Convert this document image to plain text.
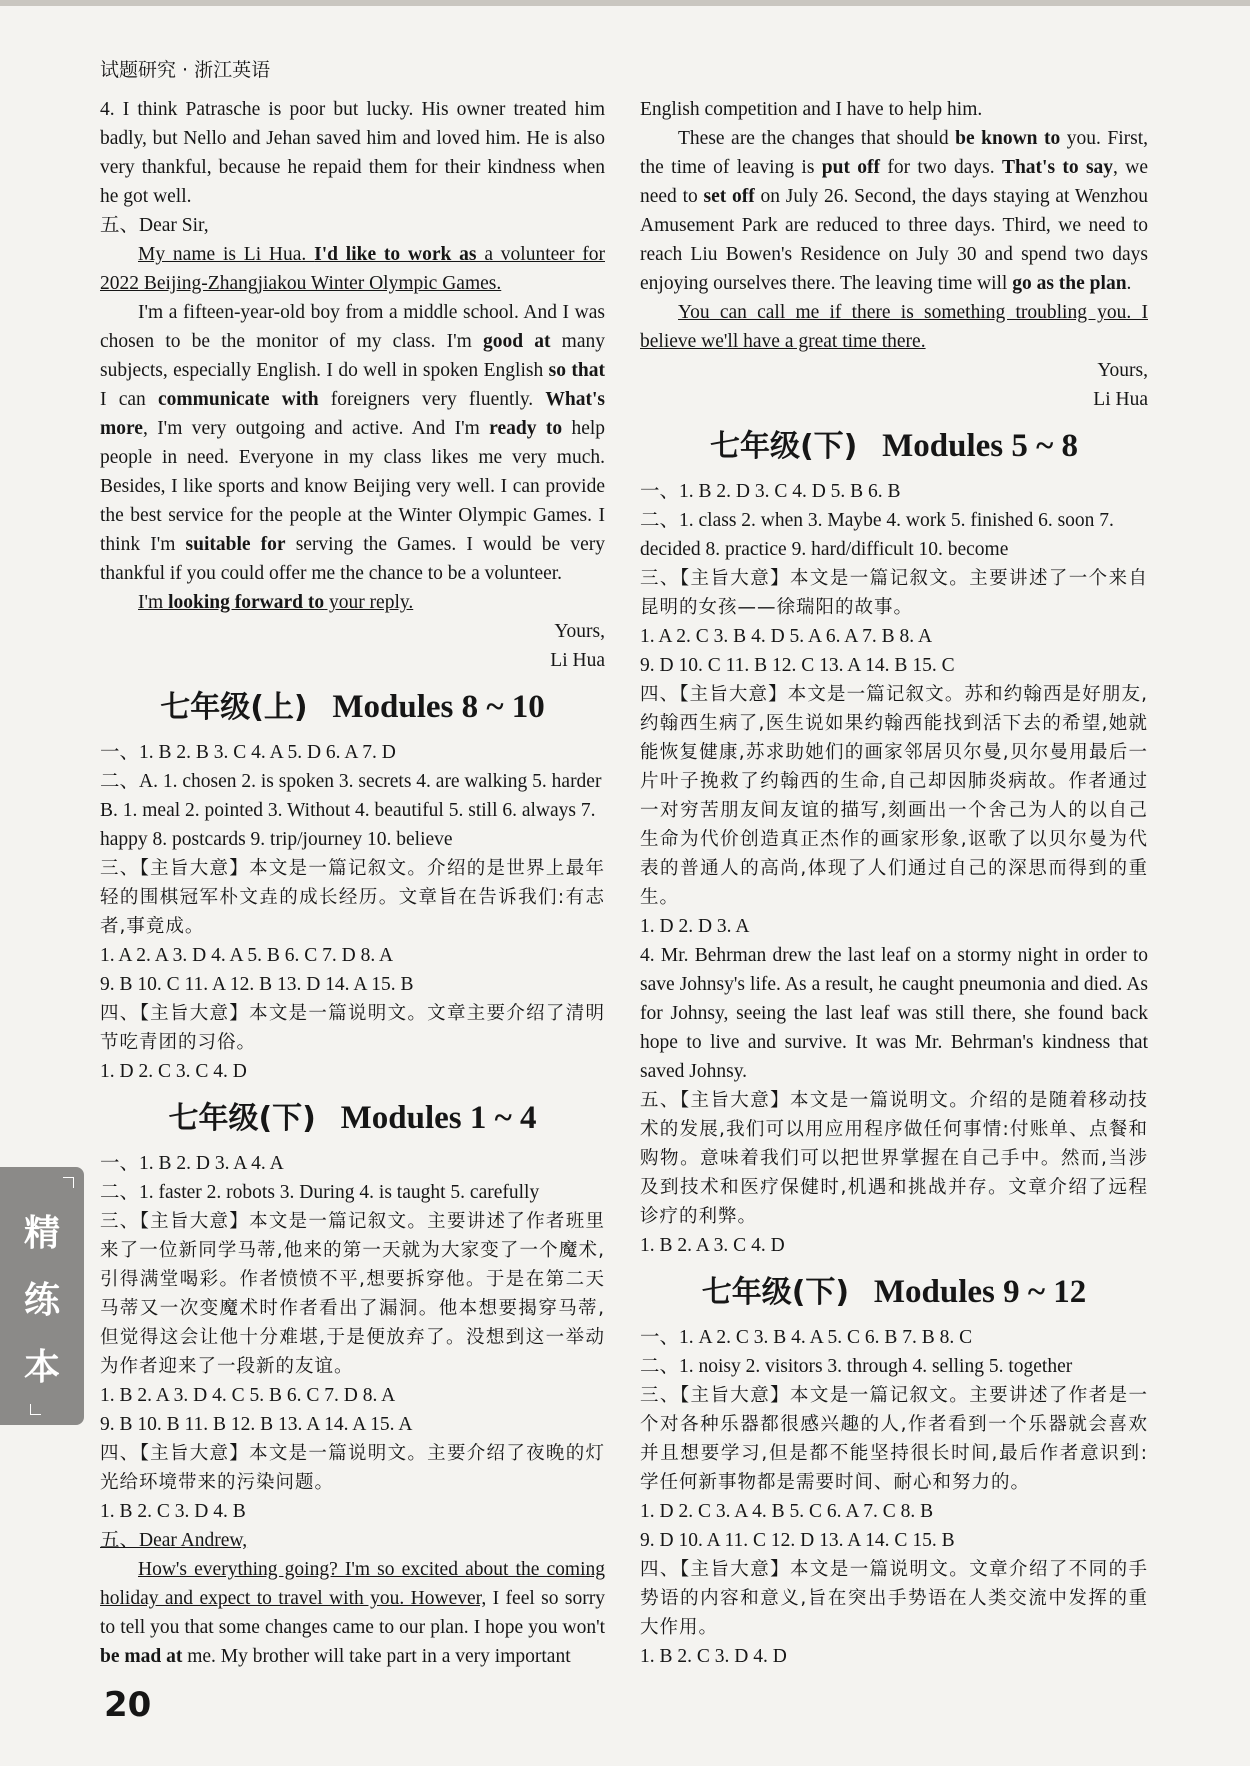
试题研究 · 浙江英语

4. I think Patrasche is poor but lucky. His owner treated him badly, but Nello and Jehan saved him and loved him. He is also very thankful, because he repaid them for their kindness when he got well.

五、Dear Sir,

My name is Li Hua. I'd like to work as a volunteer for 2022 Beijing-Zhangjiakou Winter Olympic Games.

I'm a fifteen-year-old boy from a middle school. And I was chosen to be the monitor of my class. I'm good at many subjects, especially English. I do well in spoken English so that I can communicate with foreigners very fluently. What's more, I'm very outgoing and active. And I'm ready to help people in need. Everyone in my class likes me very much. Besides, I like sports and know Beijing very well. I can provide the best service for the people at the Winter Olympic Games. I think I'm suitable for serving the Games. I would be very thankful if you could offer me the chance to be a volunteer.

I'm looking forward to your reply.

Yours,

Li Hua

七年级(上) Modules 8 ~ 10

一、1. B 2. B 3. C 4. A 5. D 6. A 7. D

二、A. 1. chosen 2. is spoken 3. secrets 4. are walking 5. harder

B. 1. meal 2. pointed 3. Without 4. beautiful 5. still 6. always 7. happy 8. postcards 9. trip/journey 10. believe

三、【主旨大意】本文是一篇记叙文。介绍的是世界上最年轻的围棋冠军朴文垚的成长经历。文章旨在告诉我们:有志者,事竟成。

1. A 2. A 3. D 4. A 5. B 6. C 7. D 8. A

9. B 10. C 11. A 12. B 13. D 14. A 15. B

四、【主旨大意】本文是一篇说明文。文章主要介绍了清明节吃青团的习俗。

1. D 2. C 3. C 4. D

七年级(下) Modules 1 ~ 4

一、1. B 2. D 3. A 4. A

二、1. faster 2. robots 3. During 4. is taught 5. carefully

三、【主旨大意】本文是一篇记叙文。主要讲述了作者班里来了一位新同学马蒂,他来的第一天就为大家变了一个魔术,引得满堂喝彩。作者愤愤不平,想要拆穿他。于是在第二天马蒂又一次变魔术时作者看出了漏洞。他本想要揭穿马蒂,但觉得这会让他十分难堪,于是便放弃了。没想到这一举动为作者迎来了一段新的友谊。

1. B 2. A 3. D 4. C 5. B 6. C 7. D 8. A

9. B 10. B 11. B 12. B 13. A 14. A 15. A

四、【主旨大意】本文是一篇说明文。主要介绍了夜晚的灯光给环境带来的污染问题。

1. B 2. C 3. D 4. B

五、Dear Andrew,

How's everything going? I'm so excited about the coming holiday and expect to travel with you. However, I feel so sorry to tell you that some changes came to our plan. I hope you won't be mad at me. My brother will take part in a very important

English competition and I have to help him.

These are the changes that should be known to you. First, the time of leaving is put off for two days. That's to say, we need to set off on July 26. Second, the days staying at Wenzhou Amusement Park are reduced to three days. Third, we need to reach Liu Bowen's Residence on July 30 and spend two days enjoying ourselves there. The leaving time will go as the plan.

You can call me if there is something troubling you. I believe we'll have a great time there.

Yours,

Li Hua

七年级(下) Modules 5 ~ 8

一、1. B 2. D 3. C 4. D 5. B 6. B

二、1. class 2. when 3. Maybe 4. work 5. finished 6. soon 7. decided 8. practice 9. hard/difficult 10. become

三、【主旨大意】本文是一篇记叙文。主要讲述了一个来自昆明的女孩——徐瑞阳的故事。

1. A 2. C 3. B 4. D 5. A 6. A 7. B 8. A

9. D 10. C 11. B 12. C 13. A 14. B 15. C

四、【主旨大意】本文是一篇记叙文。苏和约翰西是好朋友,约翰西生病了,医生说如果约翰西能找到活下去的希望,她就能恢复健康,苏求助她们的画家邻居贝尔曼,贝尔曼用最后一片叶子挽救了约翰西的生命,自己却因肺炎病故。作者通过一对穷苦朋友间友谊的描写,刻画出一个舍己为人的以自己生命为代价创造真正杰作的画家形象,讴歌了以贝尔曼为代表的普通人的高尚,体现了人们通过自己的深思而得到的重生。

1. D 2. D 3. A

4. Mr. Behrman drew the last leaf on a stormy night in order to save Johnsy's life. As a result, he caught pneumonia and died. As for Johnsy, seeing the last leaf was still there, she found back hope to live and survive. It was Mr. Behrman's kindness that saved Johnsy.

五、【主旨大意】本文是一篇说明文。介绍的是随着移动技术的发展,我们可以用应用程序做任何事情:付账单、点餐和购物。意味着我们可以把世界掌握在自己手中。然而,当涉及到技术和医疗保健时,机遇和挑战并存。文章介绍了远程诊疗的利弊。

1. B 2. A 3. C 4. D

七年级(下) Modules 9 ~ 12

一、1. A 2. C 3. B 4. A 5. C 6. B 7. B 8. C

二、1. noisy 2. visitors 3. through 4. selling 5. together

三、【主旨大意】本文是一篇记叙文。主要讲述了作者是一个对各种乐器都很感兴趣的人,作者看到一个乐器就会喜欢并且想要学习,但是都不能坚持很长时间,最后作者意识到:学任何新事物都是需要时间、耐心和努力的。

1. D 2. C 3. A 4. B 5. C 6. A 7. C 8. B

9. D 10. A 11. C 12. D 13. A 14. C 15. B

四、【主旨大意】本文是一篇说明文。文章介绍了不同的手势语的内容和意义,旨在突出手势语在人类交流中发挥的重大作用。

1. B 2. C 3. D 4. D

精
练
本
20
